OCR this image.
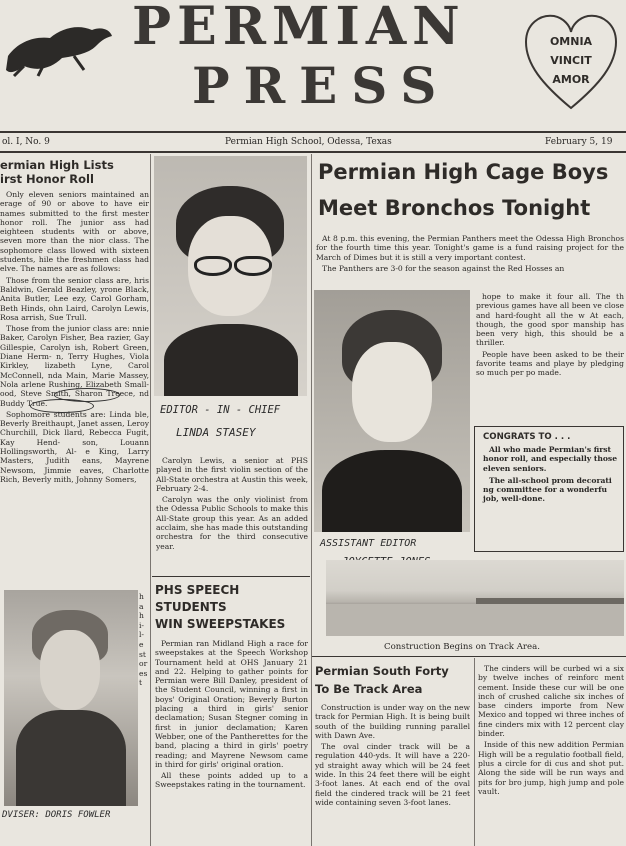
PERMIAN
PRESS
OMNIA
VINCIT
AMOR
ol. I, No. 9	Permian High School, Odessa, Texas	February 5, 19
ermian High Lists
irst Honor Roll

Only eleven seniors maintained an erage of 90 or above to have eir names submitted to the first mester honor roll. The junior ass had eighteen students with or above, seven more than the nior class. The sophomore class llowed with sixteen students, hile the freshmen class had elve. The names are as follows:

Those from the senior class are, hris Baldwin, Gerald Beazley, yrone Black, Anita Butler, Lee ezy, Carol Gorham, Beth Hinds, ohn Laird, Carolyn Lewis, Rosa arrish, Sue Trull.

Those from the junior class are: nnie Baker, Carolyn Fisher, Bea razier, Gay Gillespie, Carolyn ish, Robert Green, Diane Herm- n, Terry Hughes, Viola Kirkley, lizabeth Lyne, Carol McConnell, nda Main, Marie Massey, Nola arlene Rushing, Elizabeth Small- ood, Steve Smith, Sharon Treece, nd Buddy True.

Sophomore students are: Linda ble, Beverly Breithaupt, Janet assen, Leroy Churchill, Dick llard, Rebecca Fugit, Kay Hend- son, Louann Hollingsworth, Al- e King, Larry Masters, Judith eans, Mayrene Newsom, Jimmie eaves, Charlotte Rich, Beverly mith, Johnny Somers,

h
a
h
i-
l-
e
st
or
es
t
DVISER: DORIS FOWLER
EDITOR - IN - CHIEF
LINDA STASEY

Carolyn Lewis, a senior at PHS played in the first violin section of the All-State orchestra at Austin this week, February 2-4.

Carolyn was the only violinist from the Odessa Public Schools to make this All-State group this year. As an added acclaim, she has made this outstanding orchestra for the third consecutive year.

PHS SPEECH STUDENTS
WIN SWEEPSTAKES

Permian ran Midland High a race for sweepstakes at the Speech Workshop Tournament held at OHS January 21 and 22. Helping to gather points for Permian were Bill Danley, president of the Student Council, winning a first in boys' Original Oration; Beverly Burton placing a third in girls' senior declamation; Susan Stegner coming in first in junior declamation; Karen Webber, one of the Pantherettes for the band, placing a third in girls' poetry reading; and Mayrene Newsom came in third for girls' original oration.

All these points added up to a Sweepstakes rating in the tournament.

Permian High Cage Boys
Meet Bronchos Tonight

At 8 p.m. this evening, the Permian Panthers meet the Odessa High Bronchos for the fourth time this year. Tonight's game is a fund raising project for the March of Dimes but it is still a very important contest.

The Panthers are 3-0 for the season against the Red Hosses an

ASSISTANT EDITOR

hope to make it four all. The th previous games have all been ve close and hard-fought all the w At each, though, the good spor manship has been very high, this should be a thriller.

People have been asked to be their favorite teams and playe by pledging so much per po made.

CONGRATS TO . . .

All who made Permian's first honor roll, and especially those eleven seniors.

The all-school prom decorati ng committee for a wonderfu job, well-done.

Construction Begins on Track Area.
Permian South Forty
To Be Track Area

Construction is under way on the new track for Permian High. It is being built south of the building running parallel with Dawn Ave.

The oval cinder track will be a regulation 440-yds. It will have a 220-yd straight away which will be 24 feet wide. In this 24 feet there will be eight 3-foot lanes. At each end of the oval field the cindered track will be 21 feet wide containing seven 3-foot lanes.

The cinders will be curbed wi a six by twelve inches of reinforc ment cement. Inside these cur will be one inch of crushed caliche six inches of base cinders importe from New Mexico and topped wi three inches of fine cinders mix with 12 percent clay binder.

Inside of this new addition Permian High will be a regulatio football field, plus a circle for di cus and shot put. Along the side will be run ways and pits for bro jump, high jump and pole vault.
